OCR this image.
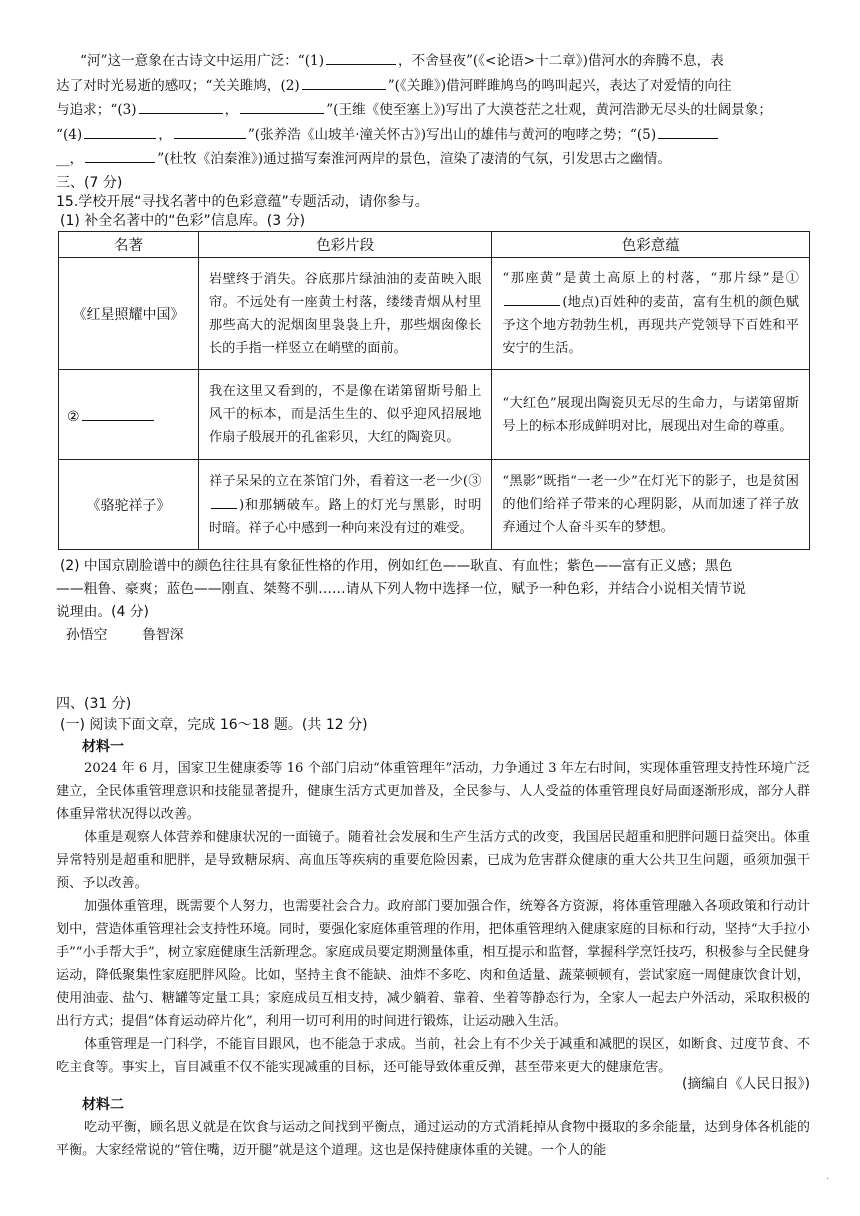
“河”这一意象在古诗文中运用广泛：“(1)	，不舍昼夜”(《<论语>十二章》)借河水的奔腾不息，表
达了对时光易逝的感叹；“关关雎鸠，(2)	”(《关雎》)借河畔雎鸠鸟的鸣叫起兴，表达了对爱情的向往
与追求；“(3)	，	”(王维《使至塞上》)写出了大漠苍茫之壮观，黄河浩渺无尽头的壮阔景象；
“(4)	，	”(张养浩《山坡羊·潼关怀古》)写出山的雄伟与黄河的咆哮之势；“(5)
__，	”(杜牧《泊秦淮》)通过描写秦淮河两岸的景色，渲染了凄清的气氛，引发思古之幽情。
三、(7 分)
15.学校开展“寻找名著中的色彩意蕴”专题活动，请你参与。
(1) 补全名著中的“色彩”信息库。(3 分)
名著	色彩片段	色彩意蕴
《红星照耀中国》	岩壁终于消失。谷底那片绿油油的麦苗映入眼帘。不远处有一座黄土村落，缕缕青烟从村里那些高大的泥烟囱里袅袅上升，那些烟囱像长长的手指一样竖立在峭壁的面前。	“那座黄”是黄土高原上的村落，“那片绿”是①(地点)百姓种的麦苗，富有生机的颜色赋予这个地方勃勃生机，再现共产党领导下百姓和平安宁的生活。

②	我在这里又看到的，不是像在诺第留斯号船上风干的标本，而是活生生的、似乎迎风招展地作扇子般展开的孔雀彩贝，大红的陶瓷贝。	“大红色”展现出陶瓷贝无尽的生命力，与诺第留斯号上的标本形成鲜明对比，展现出对生命的尊重。

《骆驼祥子》	祥子呆呆的立在茶馆门外，看着这一老一少(③)和那辆破车。路上的灯光与黑影，时明时暗。祥子心中感到一种向来没有过的难受。	“黑影”既指“一老一少”在灯光下的影子，也是贫困的他们给祥子带来的心理阴影，从而加速了祥子放弃通过个人奋斗买车的梦想。
(2) 中国京剧脸谱中的颜色往往具有象征性格的作用，例如红色——耿直、有血性；紫色——富有正义感；黑色
——粗鲁、豪爽；蓝色——刚直、桀骜不驯……请从下列人物中选择一位，赋予一种色彩，并结合小说相关情节说
说理由。(4 分)
孙悟空	鲁智深
四、(31 分)
(一) 阅读下面文章，完成 16～18 题。(共 12 分)
材料一
2024 年 6 月，国家卫生健康委等 16 个部门启动“体重管理年”活动，力争通过 3 年左右时间，实现体重管理支持性环境广泛建立，全民体重管理意识和技能显著提升，健康生活方式更加普及，全民参与、人人受益的体重管理良好局面逐渐形成，部分人群体重异常状况得以改善。
体重是观察人体营养和健康状况的一面镜子。随着社会发展和生产生活方式的改变，我国居民超重和肥胖问题日益突出。体重异常特别是超重和肥胖，是导致糖尿病、高血压等疾病的重要危险因素，已成为危害群众健康的重大公共卫生问题，亟须加强干预、予以改善。
加强体重管理，既需要个人努力，也需要社会合力。政府部门要加强合作，统筹各方资源，将体重管理融入各项政策和行动计划中，营造体重管理社会支持性环境。同时，要强化家庭体重管理的作用，把体重管理纳入健康家庭的目标和行动，坚持“大手拉小手”“小手帮大手”，树立家庭健康生活新理念。家庭成员要定期测量体重，相互提示和监督，掌握科学烹饪技巧，积极参与全民健身运动，降低聚集性家庭肥胖风险。比如，坚持主食不能缺、油炸不多吃、肉和鱼适量、蔬菜顿顿有，尝试家庭一周健康饮食计划，使用油壶、盐勺、糖罐等定量工具；家庭成员互相支持，减少躺着、靠着、坐着等静态行为，全家人一起去户外活动，采取积极的出行方式；提倡“体育运动碎片化”，利用一切可利用的时间进行锻炼，让运动融入生活。
体重管理是一门科学，不能盲目跟风，也不能急于求成。当前，社会上有不少关于减重和减肥的误区，如断食、过度节食、不吃主食等。事实上，盲目减重不仅不能实现减重的目标，还可能导致体重反弹，甚至带来更大的健康危害。
(摘编自《人民日报》)
材料二
吃动平衡，顾名思义就是在饮食与运动之间找到平衡点，通过运动的方式消耗掉从食物中摄取的多余能量，达到身体各机能的平衡。大家经常说的“管住嘴，迈开腿”就是这个道理。这也是保持健康体重的关键。一个人的能
·
